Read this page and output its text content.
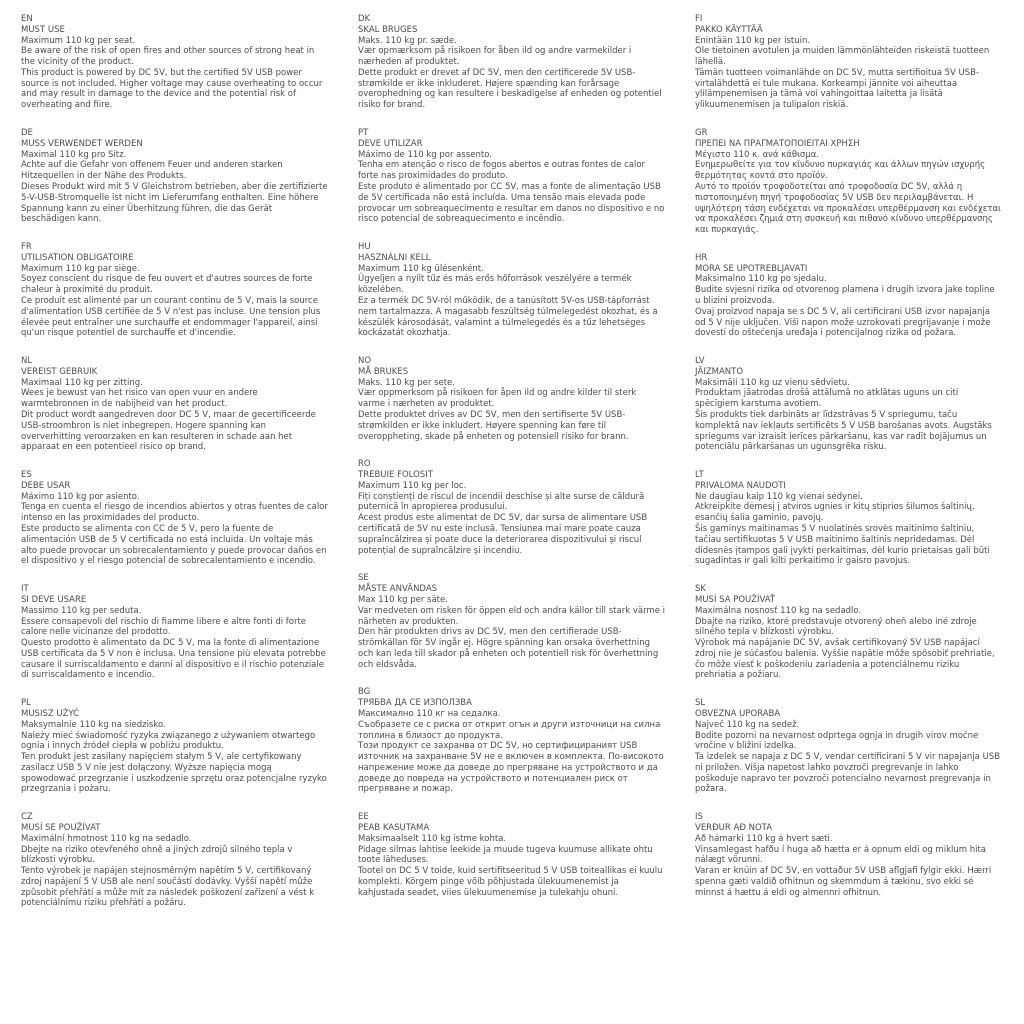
EN
MUST USE

Maximum 110 kg per seat.

Be aware of the risk of open fires and other sources of strong heat in the vicinity of the product.

This product is powered by DC 5V, but the certified 5V USB power source is not included. Higher voltage may cause overheating to occur and may result in damage to the device and the potential risk of overheating and fiire.

DE
MUSS VERWENDET WERDEN

Maximal 110 kg pro Sitz.

Achte auf die Gefahr von offenem Feuer und anderen starken Hitzequellen in der Nähe des Produkts.

Dieses Produkt wird mit 5 V Gleichstrom betrieben, aber die zertifizierte 5-V-USB-Stromquelle ist nicht im Lieferumfang enthalten. Eine höhere Spannung kann zu einer Überhitzung führen, die das Gerät beschädigen kann.

FR
UTILISATION OBLIGATOIRE

Maximum 110 kg par siège.

Soyez conscient du risque de feu ouvert et d'autres sources de forte chaleur à proximité du produit.

Ce produit est alimenté par un courant continu de 5 V, mais la source d'alimentation USB certifiée de 5 V n'est pas incluse. Une tension plus élevée peut entraîner une surchauffe et endommager l'appareil, ainsi qu'un risque potentiel de surchauffe et d'incendie.

NL
VEREIST GEBRUIK

Maximaal 110 kg per zitting.

Wees je bewust van het risico van open vuur en andere warmtebronnen in de nabijheid van het product.

Dit product wordt aangedreven door DC 5 V, maar de gecertificeerde USB-stroombron is niet inbegrepen. Hogere spanning kan oververhitting veroorzaken en kan resulteren in schade aan het apparaat en een potentieel risico op brand.

ES
DEBE USAR

Máximo 110 kg por asiento.

Tenga en cuenta el riesgo de incendios abiertos y otras fuentes de calor intenso en las proximidades del producto.

Este producto se alimenta con CC de 5 V, pero la fuente de alimentación USB de 5 V certificada no está incluida. Un voltaje más alto puede provocar un sobrecalentamiento y puede provocar daños en el dispositivo y el riesgo potencial de sobrecalentamiento e incendio.

IT
SI DEVE USARE

Massimo 110 kg per seduta.

Essere consapevoli del rischio di fiamme libere e altre fonti di forte calore nelle vicinanze del prodotto.

Questo prodotto è alimentato da DC 5 V, ma la fonte di alimentazione USB certificata da 5 V non è inclusa. Una tensione più elevata potrebbe causare il surriscaldamento e danni al dispositivo e il rischio potenziale di surriscaldamento e incendio.

PL
MUSISZ UŻYĆ

Maksymalnie 110 kg na siedzisko.

Należy mieć świadomość ryzyka związanego z używaniem otwartego ognia i innych źródeł ciepła w pobliżu produktu.

Ten produkt jest zasilany napięciem stałym 5 V, ale certyfikowany zasilacz USB 5 V nie jest dołączony. Wyższe napięcia mogą spowodować przegrzanie i uszkodzenie sprzętu oraz potencjalne ryzyko przegrzania i pożaru.

CZ
MUSÍ SE POUŽÍVAT

Maximální hmotnost 110 kg na sedadlo.

Dbejte na riziko otevřeného ohně a jiných zdrojů silného tepla v blízkosti výrobku.

Tento výrobek je napájen stejnosměrným napětím 5 V, certifikovaný zdroj napájení 5 V USB ale není součástí dodávky. Vyšší napětí může způsobit přehřátí a může mít za následek poškození zařízení a vést k potenciálnímu riziku přehřátí a požáru.

DK
SKAL BRUGES

Maks. 110 kg pr. sæde.

Vær opmærksom på risikoen for åben ild og andre varmekilder i nærheden af produktet.

Dette produkt er drevet af DC 5V, men den certificerede 5V USB-strømkilde er ikke inkluderet. Højere spænding kan forårsage overophedning og kan resultere i beskadigelse af enheden og potentiel risiko for brand.

PT
DEVE UTILIZAR

Máximo de 110 kg por assento.

Tenha em atenção o risco de fogos abertos e outras fontes de calor forte nas proximidades do produto.

Este produto é alimentado por CC 5V, mas a fonte de alimentação USB de 5V certificada não está incluída. Uma tensão mais elevada pode provocar um sobreaquecimento e resultar em danos no dispositivo e no risco potencial de sobreaquecimento e incêndio.

HU
HASZNÁLNI KELL

Maximum 110 kg ülésenként.

Ügyeljen a nyílt tűz és más erős hőforrások veszélyére a termék közelében.

Ez a termék DC 5V-ról működik, de a tanúsított 5V-os USB-tápforrást nem tartalmazza. A magasabb feszültség túlmelegedést okozhat, és a készülék károsodását, valamint a túlmelegedés és a tűz lehetséges kockázatát okozhatja.

NO
MÅ BRUKES

Maks. 110 kg per sete.

Vær oppmerksom på risikoen for åpen ild og andre kilder til sterk varme i nærheten av produktet.

Dette produktet drives av DC 5V, men den sertifiserte 5V USB-strømkilden er ikke inkludert. Høyere spenning kan føre til overoppheting, skade på enheten og potensiell risiko for brann.

RO
TREBUIE FOLOSIT

Maximum 110 kg per loc.

Fiți conștienți de riscul de incendii deschise și alte surse de căldură puternică în apropierea produsului.

Acest produs este alimentat de DC 5V, dar sursa de alimentare USB certificată de 5V nu este inclusă. Tensiunea mai mare poate cauza supraîncălzirea și poate duce la deteriorarea dispozitivului și riscul potențial de supraîncălzire și incendiu.

SE
MÅSTE ANVÄNDAS

Max 110 kg per säte.

Var medveten om risken för öppen eld och andra källor till stark värme i närheten av produkten.

Den här produkten drivs av DC 5V, men den certifierade USB-strömkällan för 5V ingår ej. Högre spänning kan orsaka överhettning och kan leda till skador på enheten och potentiell risk för överhettning och eldsvåda.

BG
ТРЯБВА ДА СЕ ИЗПОЛЗВА

Максимално 110 кг на седалка.

Съобразете се с риска от открит огън и други източници на силна топлина в близост до продукта.

Този продукт се захранва от DC 5V, но сертифицираният USB източник на захранване 5V не е включен в комплекта. По-високото напрежение може да доведе до прегряване на устройството и да доведе до повреда на устройството и потенциален риск от прегряване и пожар.

EE
PEAB KASUTAMA

Maksimaalselt 110 kg istme kohta.

Pidage silmas lahtise leekide ja muude tugeva kuumuse allikate ohtu toote läheduses.

Tootel on DC 5 V toide, kuid sertifitseeritud 5 V USB toiteallikas ei kuulu komplekti. Kõrgem pinge võib põhjustada ülekuumenemist ja kahjustada seadet, viies ülekuumenemise ja tulekahju ohuni.

FI
PAKKO KÄYTTÄÄ

Enintään 110 kg per istuin.

Ole tietoinen avotulen ja muiden lämmönlähteiden riskeistä tuotteen lähellä.

Tämän tuotteen voimanlähde on DC 5V, mutta sertifioitua 5V USB-virtalähdettä ei tule mukana. Korkeampi jännite voi aiheuttaa ylilämpenemisen ja tämä voi vahingoittaa laitetta ja lisätä ylikuumenemisen ja tulipalon riskiä.

GR
ΠΡΕΠΕΙ ΝΑ ΠΡΑΓΜΑΤΟΠΟΙΕΙΤΑΙ ΧΡΗΣΗ

Μέγιστο 110 κ. ανά κάθισμα.

Ενημερωθείτε για τον κίνδυνο πυρκαγιάς και άλλων πηγών ισχυρής θερμότητας κοντά στο προϊόν.

Αυτό το προϊόν τροφοδοτείται από τροφοδοσία DC 5V, αλλά η πιστοποιημένη πηγή τροφοδοσίας 5V USB δεν περιλαμβάνεται. Η υψηλότερη τάση ενδέχεται να προκαλέσει υπερθέρμανση και ενδέχεται να προκαλέσει ζημιά στη συσκευή και πιθανό κίνδυνο υπερθέρμανσης και πυρκαγιάς.

HR
MORA SE UPOTREBLJAVATI

Maksimalno 110 kg po sjedalu.

Budite svjesni rizika od otvorenog plamena i drugih izvora jake topline u blizini proizvoda.

Ovaj proizvod napaja se s DC 5 V, ali certificirani USB izvor napajanja od 5 V nije uključen. Viši napon može uzrokovati pregrijavanje i može dovesti do oštećenja uređaja i potencijalnog rizika od požara.

LV
JĀIZMANTO

Maksimāli 110 kg uz vienu sēdvietu.

Produktam jāatrodas drošā attālumā no atklātas uguns un citi spēcīgiem karstuma avotiem.

Šis produkts tiek darbināts ar līdzstrāvas 5 V spriegumu, taču komplektā nav iekļauts sertificēts 5 V USB barošanas avots. Augstāks spriegums var izraisīt ierīces pārkaršanu, kas var radīt bojājumus un potenciālu pārkaršanas un ugunsgrēka risku.

LT
PRIVALOMA NAUDOTI

Ne daugiau kaip 110 kg vienai sėdynei.

Atkreipkite dėmesį į atviros ugnies ir kitų stiprios šilumos šaltinių, esančių šalia gaminio, pavojų.

Šis gaminys maitinamas 5 V nuolatinės srovės maitinimo šaltiniu, tačiau sertifikuotas 5 V USB maitinimo šaltinis nepridedamas. Dėl didesnės įtampos gali įvykti perkaitimas, dėl kurio prietaisas gali būti sugadintas ir gali kilti perkaitimo ir gaisro pavojus.

SK
MUSÍ SA POUŽÍVAŤ

Maximálna nosnosť 110 kg na sedadlo.

Dbajte na riziko, ktoré predstavuje otvorený oheň alebo iné zdroje silného tepla v blízkosti výrobku.

Výrobok má napájanie DC 5V, avšak certifikovaný 5V USB napájací zdroj nie je súčasťou balenia. Vyššie napätie môže spôsobiť prehriatie, čo môže viesť k poškodeniu zariadenia a potenciálnemu riziku prehriatia a požiaru.

SL
OBVEZNA UPORABA

Največ 110 kg na sedež.

Bodite pozorni na nevarnost odprtega ognja in drugih virov močne vročine v bližini izdelka.

Ta izdelek se napaja z DC 5 V, vendar certificirani 5 V vir napajanja USB ni priložen. Višja napetost lahko povzroči pregrevanje in lahko poškoduje napravo ter povzroči potencialno nevarnost pregrevanja in požara.

IS
VERÐUR AÐ NOTA

Að hámarki 110 kg á hvert sæti.

Vinsamlegast hafðu í huga að hætta er á opnum eldi og miklum hita nálægt vörunni.

Varan er knúin af DC 5V, en vottaður 5V USB aflgjafi fylgir ekki. Hærri spenna gæti valdið ofhitnun og skemmdum á tækinu, svo ekki sé minnst á hættu á eldi og almennri ofhitnun.
